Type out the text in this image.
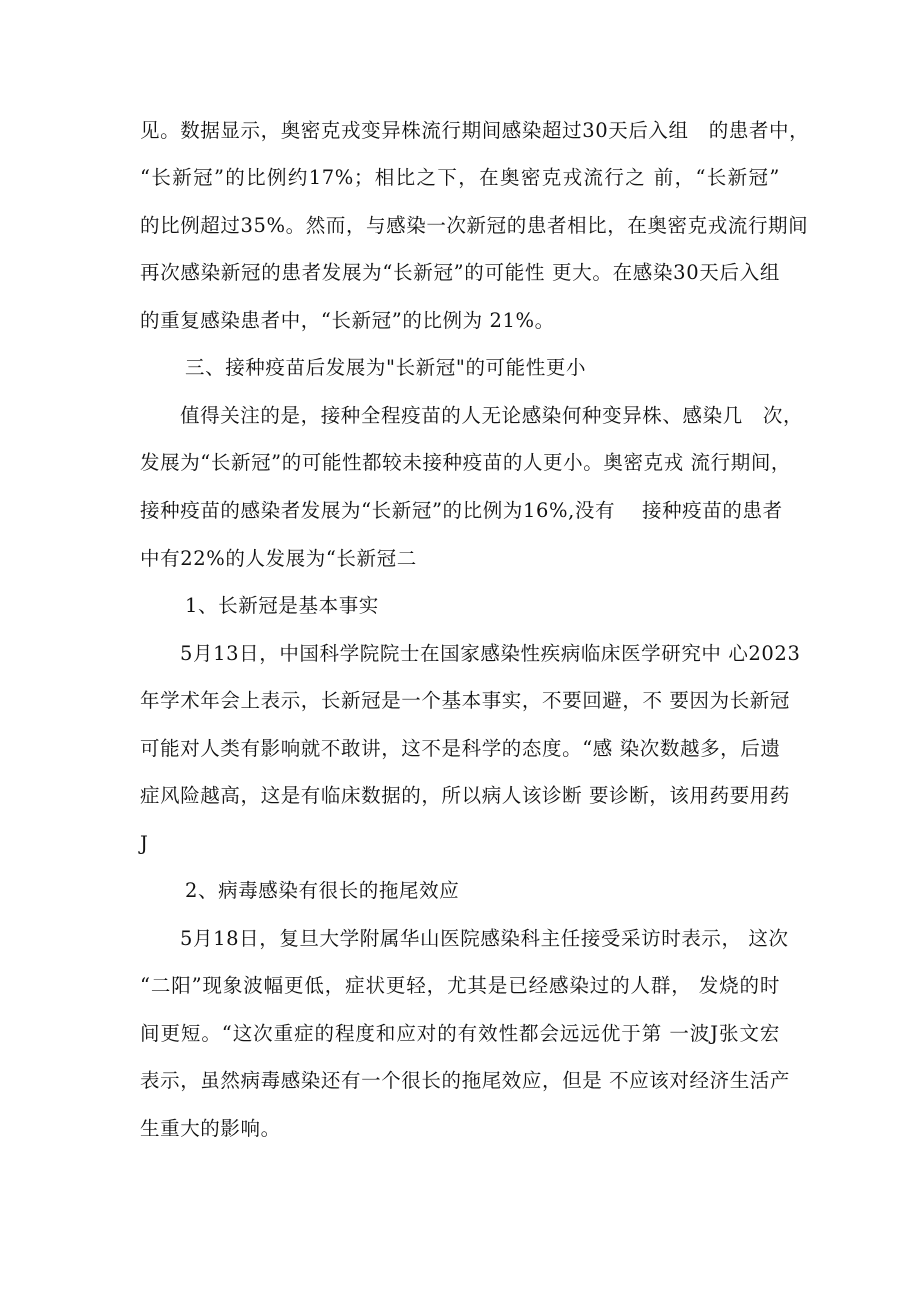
见。数据显示，奥密克戎变异株流行期间感染超过30天后入组　的患者中，
“长新冠”的比例约17%；相比之下，在奥密克戎流行之 前，“长新冠”
的比例超过35%。然而，与感染一次新冠的患者相比，在奥密克戎流行期间
再次感染新冠的患者发展为“长新冠”的可能性 更大。在感染30天后入组
的重复感染患者中，“长新冠”的比例为 21%。
三、接种疫苗后发展为"长新冠"的可能性更小
值得关注的是，接种全程疫苗的人无论感染何种变异株、感染几　次，
发展为“长新冠”的可能性都较未接种疫苗的人更小。奥密克戎 流行期间，
接种疫苗的感染者发展为“长新冠”的比例为16%,没有　 接种疫苗的患者
中有22%的人发展为“长新冠二
1、长新冠是基本事实
5月13日，中国科学院院士在国家感染性疾病临床医学研究中 心2023
年学术年会上表示，长新冠是一个基本事实，不要回避，不 要因为长新冠
可能对人类有影响就不敢讲，这不是科学的态度。“感 染次数越多，后遗
症风险越高，这是有临床数据的，所以病人该诊断 要诊断，该用药要用药
J
2、病毒感染有很长的拖尾效应
5月18日，复旦大学附属华山医院感染科主任接受采访时表示， 这次
“二阳”现象波幅更低，症状更轻，尤其是已经感染过的人群， 发烧的时
间更短。“这次重症的程度和应对的有效性都会远远优于第 一波J张文宏
表示，虽然病毒感染还有一个很长的拖尾效应，但是 不应该对经济生活产
生重大的影响。
